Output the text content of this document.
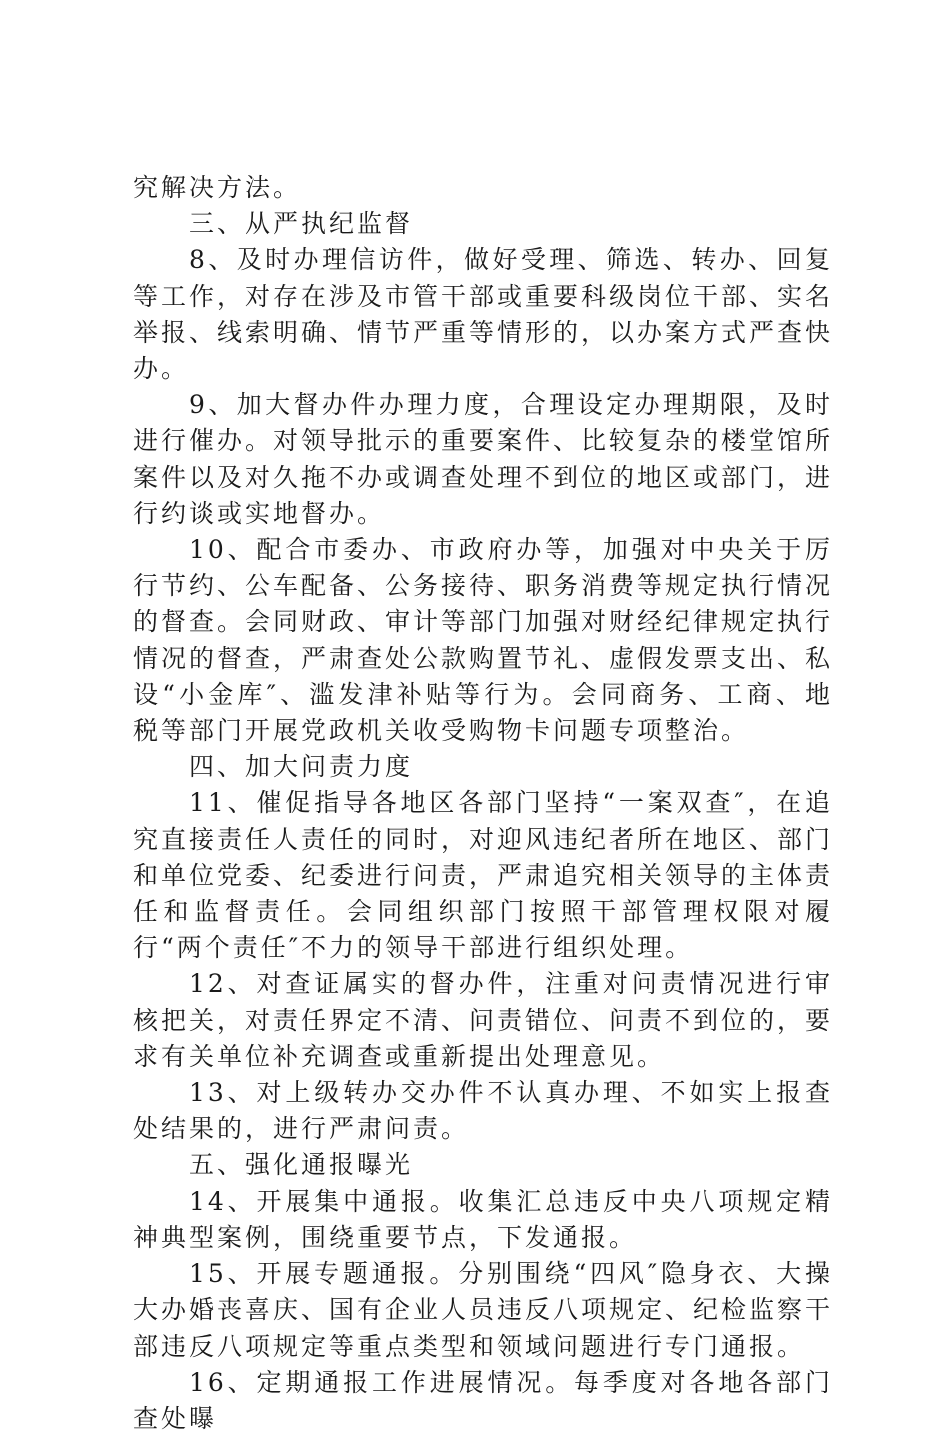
究解决方法。

三、从严执纪监督

8、及时办理信访件，做好受理、筛选、转办、回复等工作，对存在涉及市管干部或重要科级岗位干部、实名举报、线索明确、情节严重等情形的，以办案方式严查快办。

9、加大督办件办理力度，合理设定办理期限，及时进行催办。对领导批示的重要案件、比较复杂的楼堂馆所案件以及对久拖不办或调查处理不到位的地区或部门，进行约谈或实地督办。

10、配合市委办、市政府办等，加强对中央关于厉行节约、公车配备、公务接待、职务消费等规定执行情况的督查。会同财政、审计等部门加强对财经纪律规定执行情况的督查，严肃查处公款购置节礼、虚假发票支出、私设“小金库″、滥发津补贴等行为。会同商务、工商、地税等部门开展党政机关收受购物卡问题专项整治。

四、加大问责力度

11、催促指导各地区各部门坚持“一案双查″，在追究直接责任人责任的同时，对迎风违纪者所在地区、部门和单位党委、纪委进行问责，严肃追究相关领导的主体责任和监督责任。会同组织部门按照干部管理权限对履行“两个责任″不力的领导干部进行组织处理。

12、对查证属实的督办件，注重对问责情况进行审核把关，对责任界定不清、问责错位、问责不到位的，要求有关单位补充调查或重新提出处理意见。

13、对上级转办交办件不认真办理、不如实上报查处结果的，进行严肃问责。

五、强化通报曝光

14、开展集中通报。收集汇总违反中央八项规定精神典型案例，围绕重要节点，下发通报。

15、开展专题通报。分别围绕“四风″隐身衣、大操大办婚丧喜庆、国有企业人员违反八项规定、纪检监察干部违反八项规定等重点类型和领域问题进行专门通报。

16、定期通报工作进展情况。每季度对各地各部门查处曝
